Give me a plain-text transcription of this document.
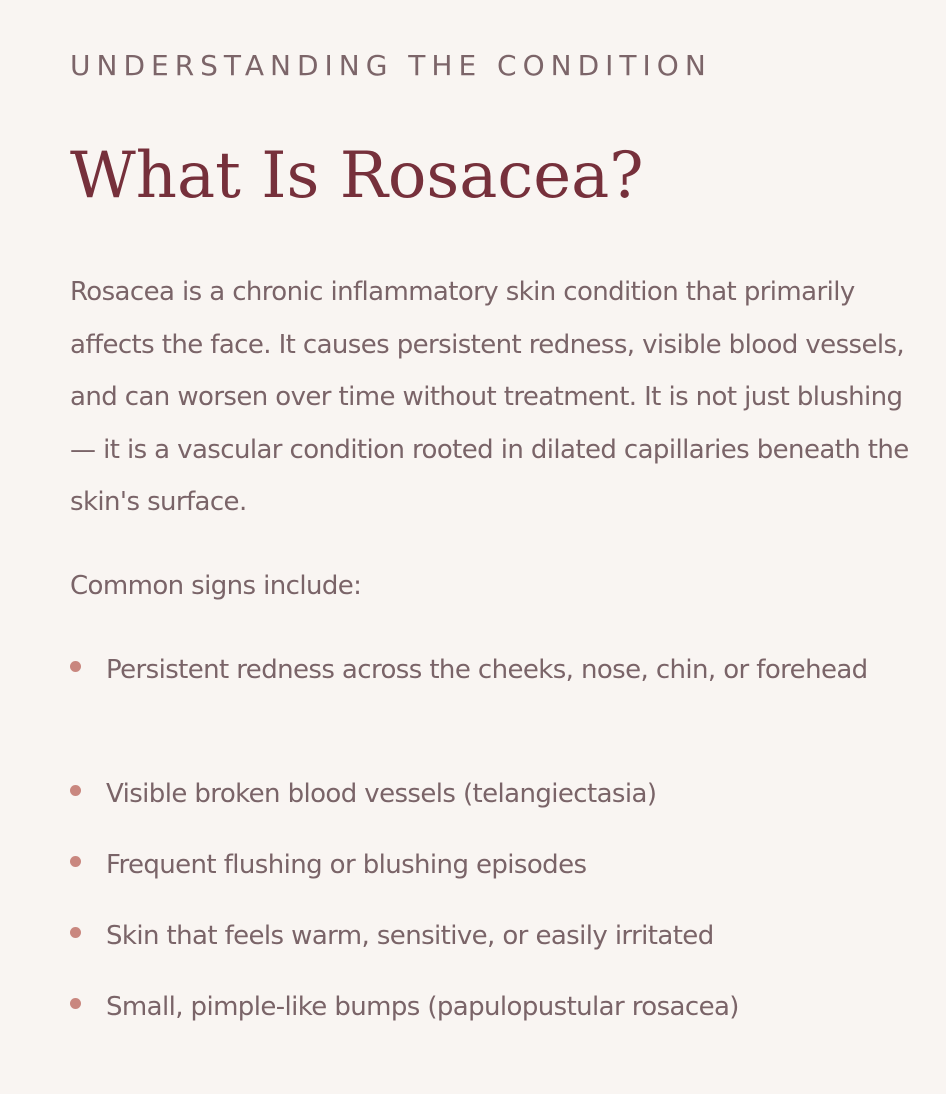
UNDERSTANDING THE CONDITION

What Is Rosacea?

Rosacea is a chronic inflammatory skin condition that primarily affects the face. It causes persistent redness, visible blood vessels, and can worsen over time without treatment. It is not just blushing — it is a vascular condition rooted in dilated capillaries beneath the skin's surface.

Common signs include:

Persistent redness across the cheeks, nose, chin, or forehead
Visible broken blood vessels (telangiectasia)
Frequent flushing or blushing episodes
Skin that feels warm, sensitive, or easily irritated
Small, pimple-like bumps (papulopustular rosacea)
